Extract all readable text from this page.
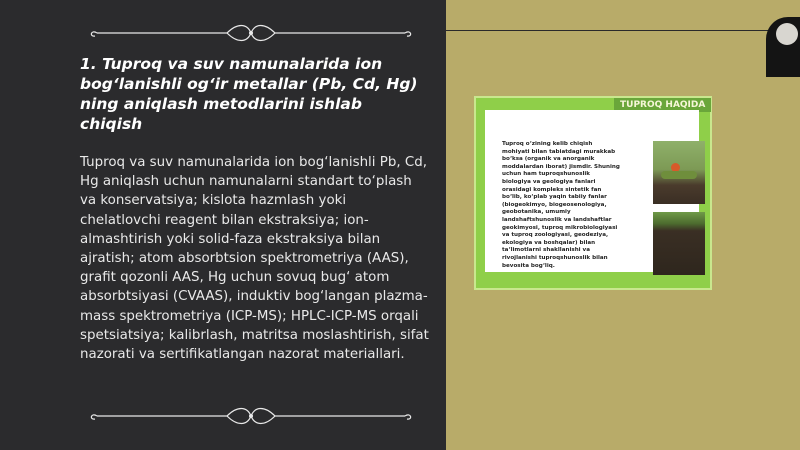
1. Tuproq va suv namunalarida ion bog‘lanishli og‘ir metallar (Pb, Cd, Hg) ning aniqlash metodlarini ishlab chiqish

Tuproq va suv namunalarida ion bog‘lanishli Pb, Cd, Hg aniqlash uchun namunalarni standart to‘plash va konservatsiya; kislota hazmlash yoki chelatlovchi reagent bilan ekstraksiya; ion-almashtirish yoki solid-faza ekstraksiya bilan ajratish; atom absorbtsion spektrometriya (AAS), grafit qozonli AAS, Hg uchun sovuq bug‘ atom absorbtsiyasi (CVAAS), induktiv bog‘langan plazma-mass spektrometriya (ICP-MS); HPLC-ICP-MS orqali spetsiatsiya; kalibrlash, matritsa moslashtirish, sifat nazorati va sertifikatlangan nazorat materiallari.

TUPROQ HAQIDA

Tuproq o‘zining kelib chiqish mohiyati bilan tabiatdagi murakkab bo‘ksa (organik va anorganik moddalardan iborat) jismdir. Shuning uchun ham tuproqshunoslik biologiya va geologiya fanlari orasidagi kompleks sintetik fan bo‘lib, ko‘plab yaqin tabiiy fanlar (biogeokimyo, biogeosenologiya, geobotanika, umumiy landshaftshunoslik va landshaftlar geokimyosi, tuproq mikrobiologiyasi va tuproq zoologiyasi, geodeziya, ekologiya va boshqalar) bilan ta‘limotlarni shakllanishi va rivojlanishi tuproqshunoslik bilan bevosita bog‘liq.
